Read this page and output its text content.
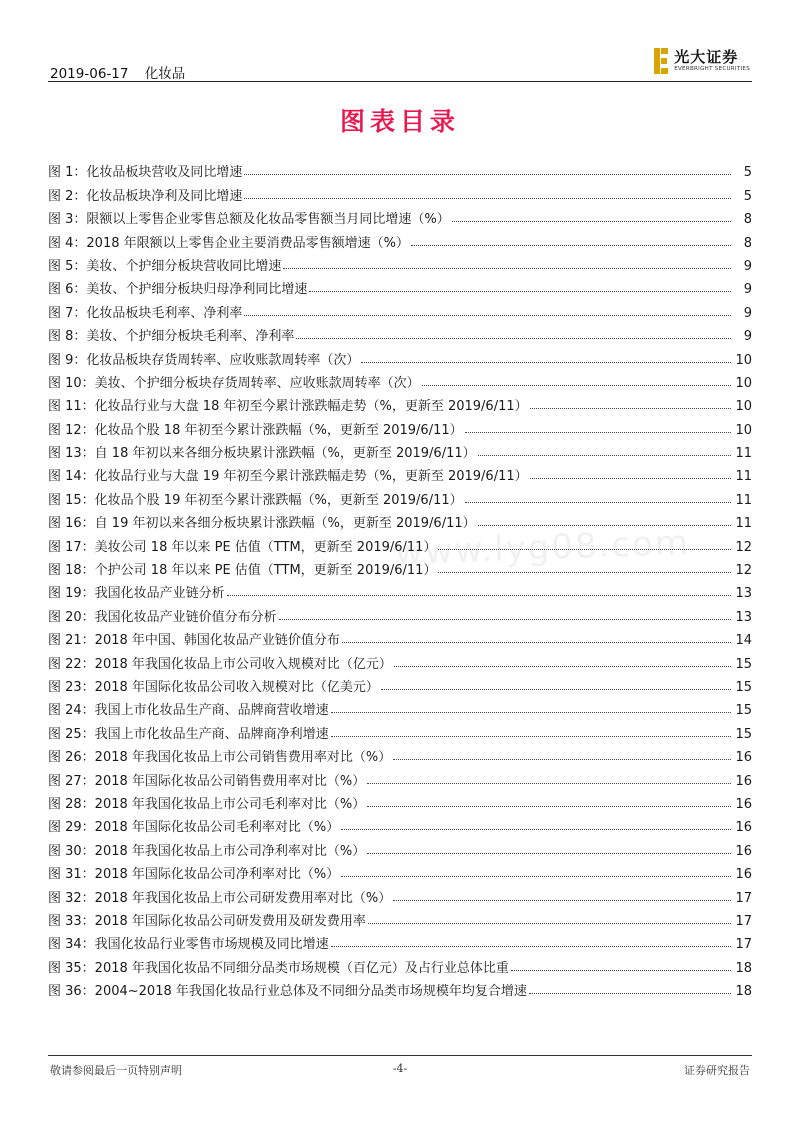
2019-06-17 化妆品
光大证券
EVERBRIGHT SECURITIES
图表目录
www.lyg08.com
图 1：化妆品板块营收及同比增速	5
图 2：化妆品板块净利及同比增速	5
图 3：限额以上零售企业零售总额及化妆品零售额当月同比增速（%）	8
图 4：2018 年限额以上零售企业主要消费品零售额增速（%）	8
图 5：美妆、个护细分板块营收同比增速	9
图 6：美妆、个护细分板块归母净利同比增速	9
图 7：化妆品板块毛利率、净利率	9
图 8：美妆、个护细分板块毛利率、净利率	9
图 9：化妆品板块存货周转率、应收账款周转率（次）	10
图 10：美妆、个护细分板块存货周转率、应收账款周转率（次）	10
图 11：化妆品行业与大盘 18 年初至今累计涨跌幅走势（%，更新至 2019/6/11）	10
图 12：化妆品个股 18 年初至今累计涨跌幅（%，更新至 2019/6/11）	10
图 13：自 18 年初以来各细分板块累计涨跌幅（%，更新至 2019/6/11）	11
图 14：化妆品行业与大盘 19 年初至今累计涨跌幅走势（%，更新至 2019/6/11）	11
图 15：化妆品个股 19 年初至今累计涨跌幅（%，更新至 2019/6/11）	11
图 16：自 19 年初以来各细分板块累计涨跌幅（%，更新至 2019/6/11）	11
图 17：美妆公司 18 年以来 PE 估值（TTM，更新至 2019/6/11）	12
图 18：个护公司 18 年以来 PE 估值（TTM，更新至 2019/6/11）	12
图 19：我国化妆品产业链分析	13
图 20：我国化妆品产业链价值分布分析	13
图 21：2018 年中国、韩国化妆品产业链价值分布	14
图 22：2018 年我国化妆品上市公司收入规模对比（亿元）	15
图 23：2018 年国际化妆品公司收入规模对比（亿美元）	15
图 24：我国上市化妆品生产商、品牌商营收增速	15
图 25：我国上市化妆品生产商、品牌商净利增速	15
图 26：2018 年我国化妆品上市公司销售费用率对比（%）	16
图 27：2018 年国际化妆品公司销售费用率对比（%）	16
图 28：2018 年我国化妆品上市公司毛利率对比（%）	16
图 29：2018 年国际化妆品公司毛利率对比（%）	16
图 30：2018 年我国化妆品上市公司净利率对比（%）	16
图 31：2018 年国际化妆品公司净利率对比（%）	16
图 32：2018 年我国化妆品上市公司研发费用率对比（%）	17
图 33：2018 年国际化妆品公司研发费用及研发费用率	17
图 34：我国化妆品行业零售市场规模及同比增速	17
图 35：2018 年我国化妆品不同细分品类市场规模（百亿元）及占行业总体比重	18
图 36：2004~2018 年我国化妆品行业总体及不同细分品类市场规模年均复合增速	18
敬请参阅最后一页特别声明	-4-	证券研究报告
